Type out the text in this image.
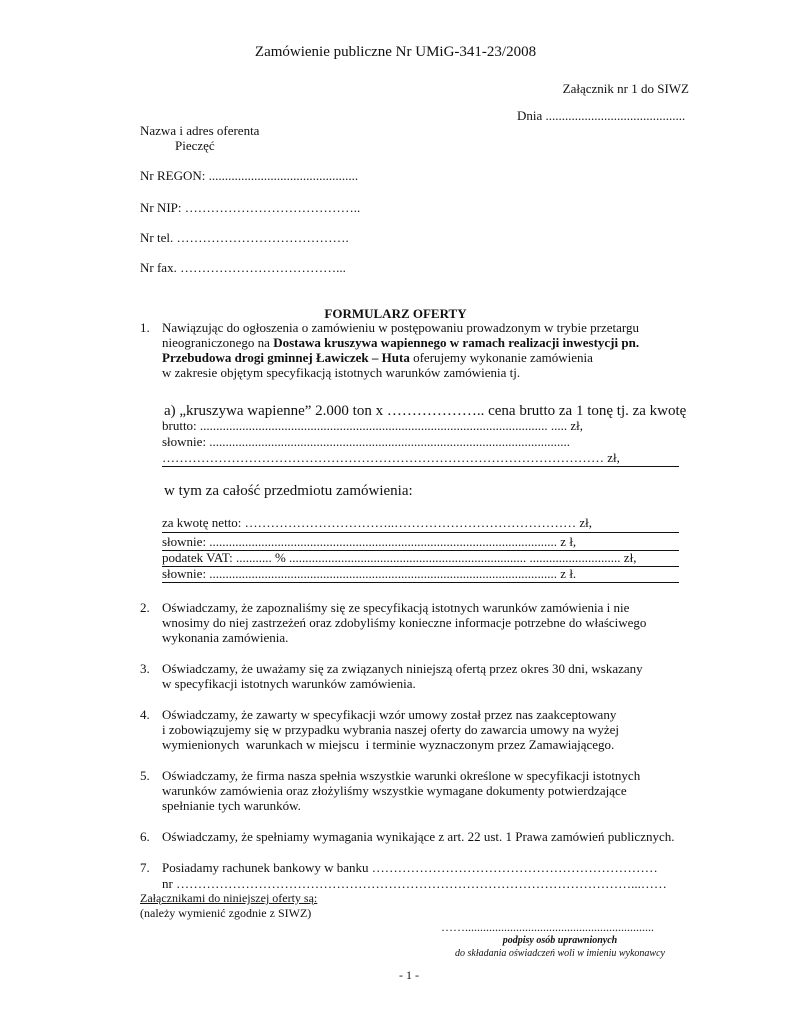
Zamówienie publiczne Nr UMiG-341-23/2008
Załącznik nr 1 do SIWZ
Dnia ...........................................
Nazwa i adres oferenta
Pieczęć
Nr REGON: ..............................................
Nr NIP: …………………………………..
Nr tel. ………………………………….
Nr fax. ………………………………...
FORMULARZ OFERTY
1. Nawiązując do ogłoszenia o zamówieniu w postępowaniu prowadzonym w trybie przetargu

nieograniczonego na Dostawa kruszywa wapiennego w ramach realizacji inwestycji pn.

Przebudowa drogi gminnej Ławiczek – Huta oferujemy wykonanie zamówienia

w zakresie objętym specyfikacją istotnych warunków zamówienia tj.

a) „kruszywa wapienne” 2.000 ton x ……………….. cena brutto za 1 tonę tj. za kwotę
brutto: ........................................................................................................... ..... zł,
słownie: ...............................................................................................................
………………………………………………………………………………………… zł,
w tym za całość przedmiotu zamówienia:
za kwotę netto: ……………………………..…………………………………… zł,
słownie: ........................................................................................................... z ł,
podatek VAT: ........... % ......................................................................... ............................ zł,
słownie: ........................................................................................................... z ł.
2. Oświadczamy, że zapoznaliśmy się ze specyfikacją istotnych warunków zamówienia i nie

wnosimy do niej zastrzeżeń oraz zdobyliśmy konieczne informacje potrzebne do właściwego

wykonania zamówienia.

3. Oświadczamy, że uważamy się za związanych niniejszą ofertą przez okres 30 dni, wskazany

w specyfikacji istotnych warunków zamówienia.

4. Oświadczamy, że zawarty w specyfikacji wzór umowy został przez nas zaakceptowany

i zobowiązujemy się w przypadku wybrania naszej oferty do zawarcia umowy na wyżej

wymienionych  warunkach w miejscu  i terminie wyznaczonym przez Zamawiającego.

5. Oświadczamy, że firma nasza spełnia wszystkie warunki określone w specyfikacji istotnych

warunków zamówienia oraz złożyliśmy wszystkie wymagane dokumenty potwierdzające

spełnianie tych warunków.

6. Oświadczamy, że spełniamy wymagania wynikające z art. 22 ust. 1 Prawa zamówień publicznych.

7. Posiadamy rachunek bankowy w banku …………………………………………………………
nr ……………………………………………………………………………………………...……
Załącznikami do niniejszej oferty są:
(należy wymienić zgodnie z SIWZ)
……...............................................................
podpisy osób uprawnionych
do składania oświadczeń woli w imieniu wykonawcy
- 1 -
